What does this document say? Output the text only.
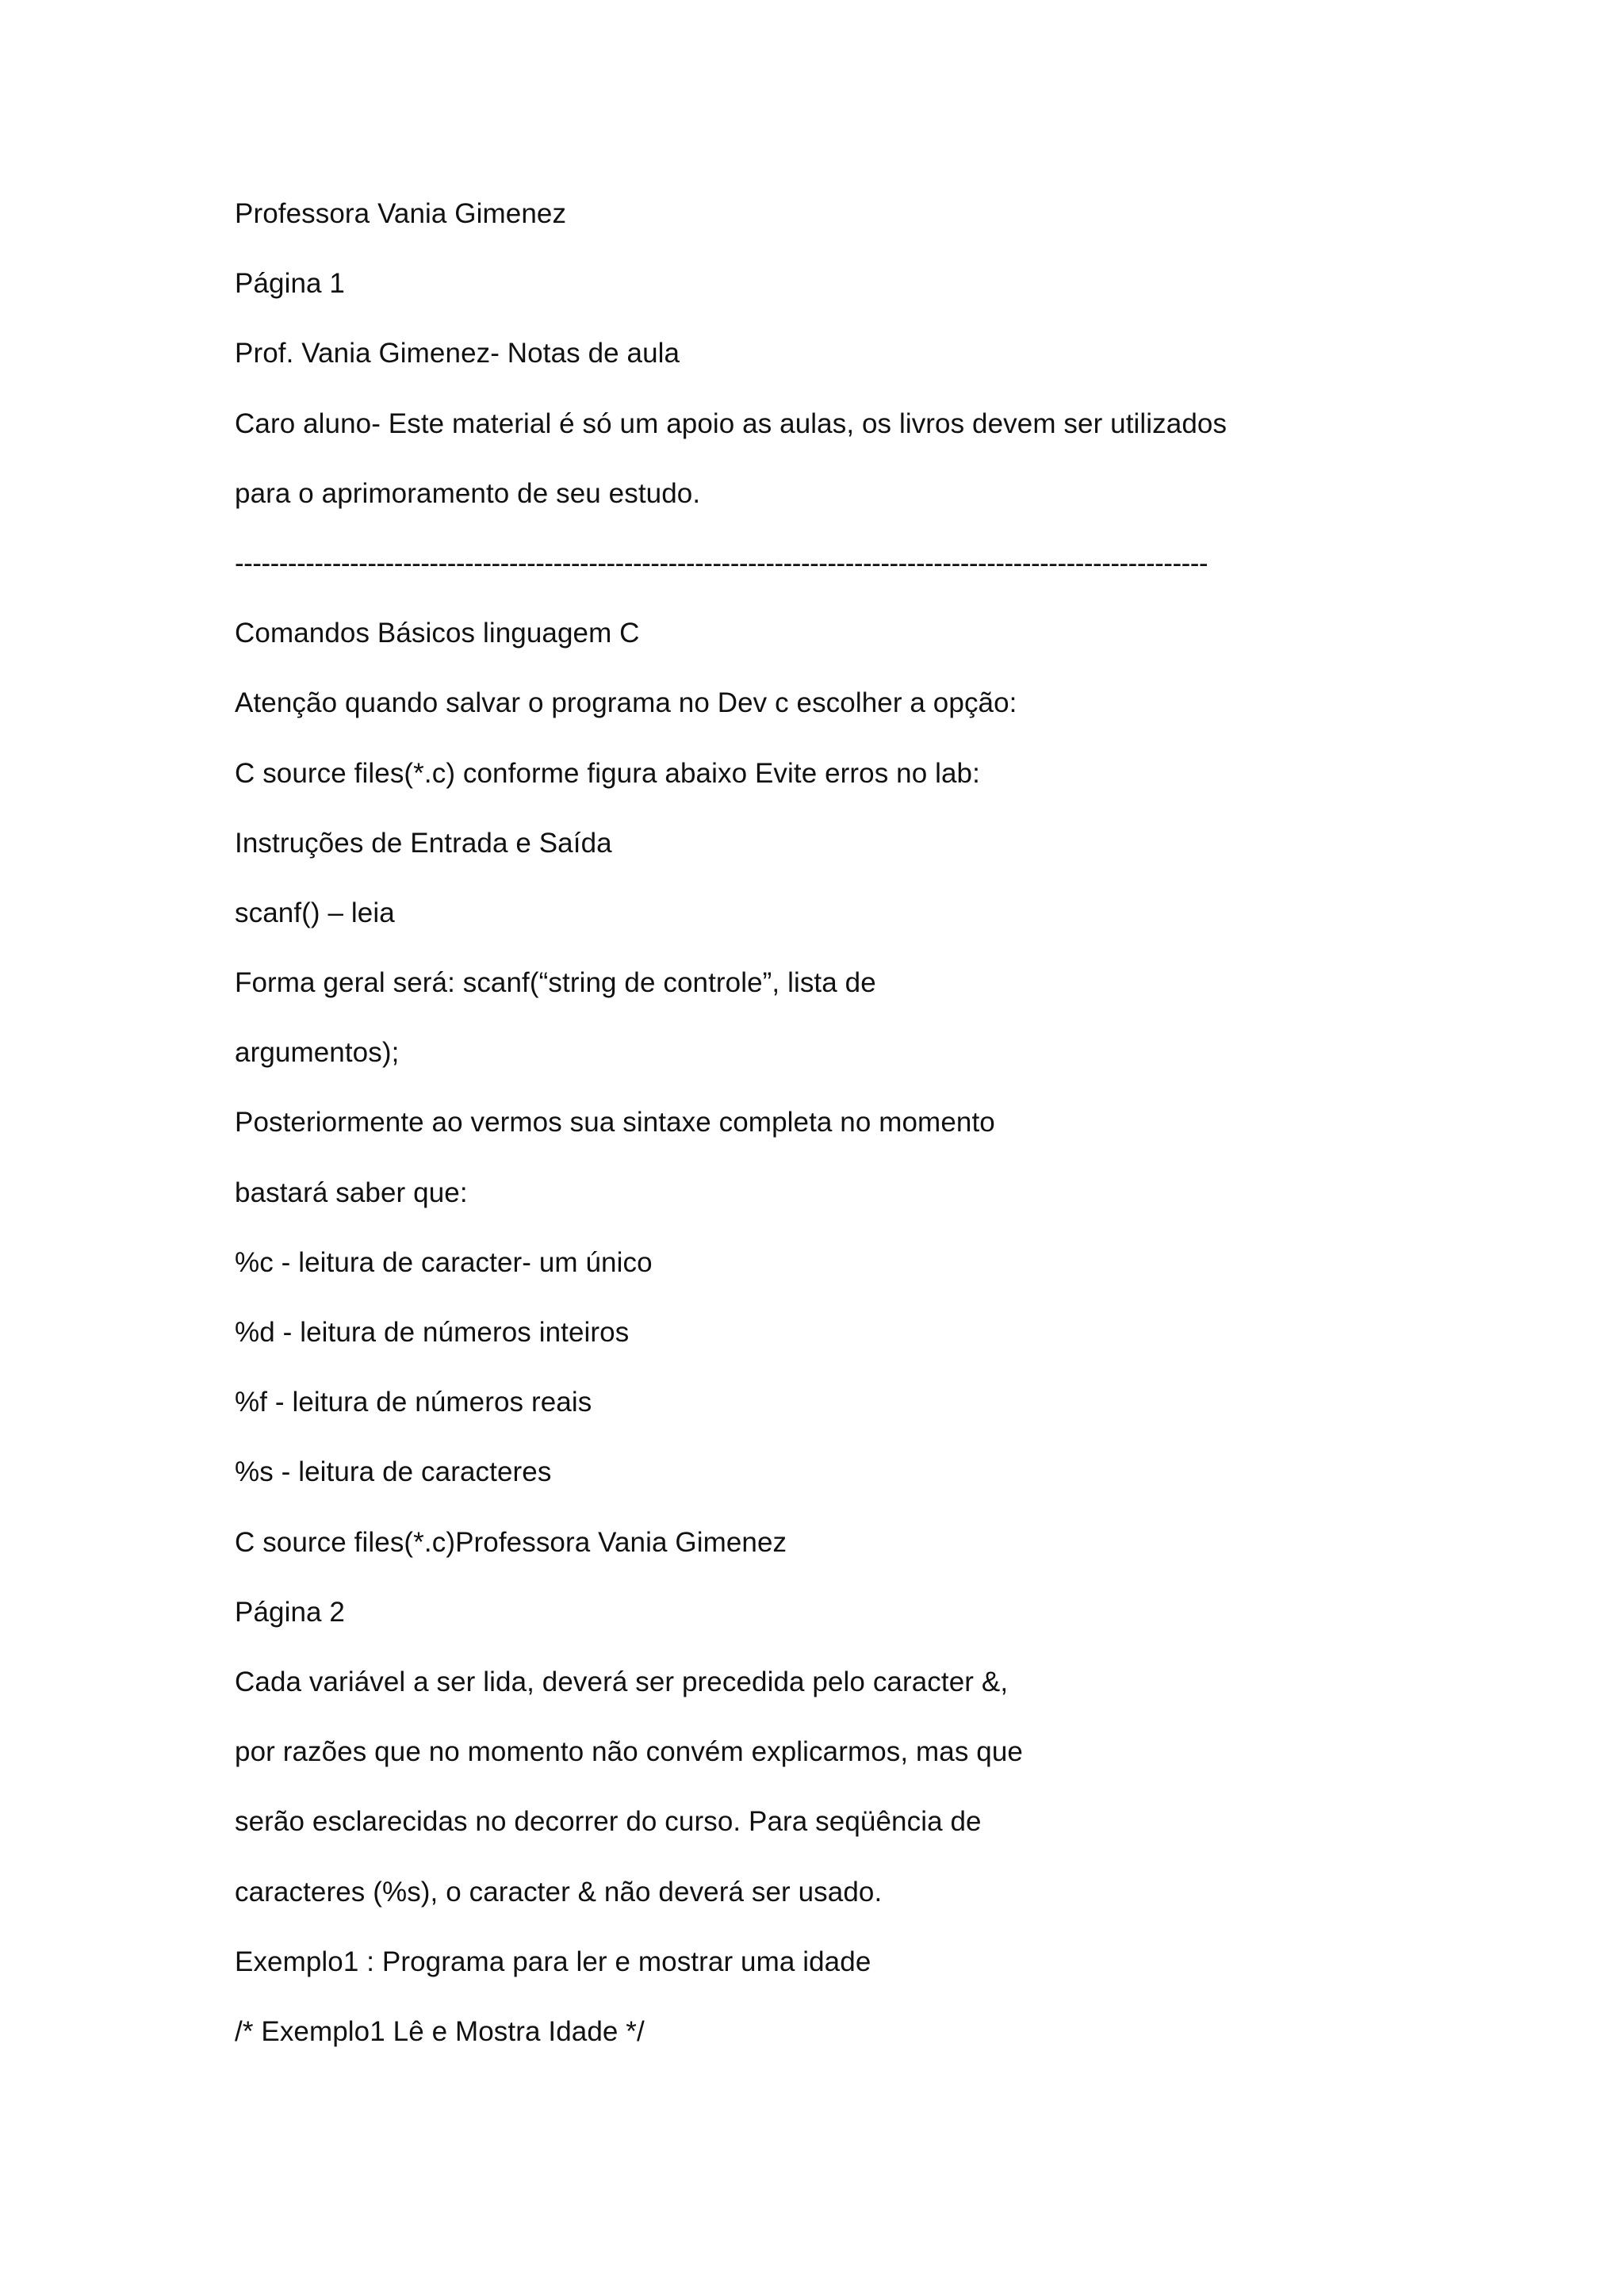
Professora Vania Gimenez
Página 1
Prof. Vania Gimenez- Notas de aula
Caro aluno- Este material é só um apoio as aulas, os livros devem ser utilizados
para o aprimoramento de seu estudo.
--------------------------------------------------------------------------------------------------------------
Comandos Básicos linguagem C
Atenção quando salvar o programa no Dev c escolher a opção:
C source files(*.c) conforme figura abaixo Evite erros no lab:
Instruções de Entrada e Saída
scanf() – leia
Forma geral será: scanf(“string de controle”, lista de
argumentos);
Posteriormente ao vermos sua sintaxe completa no momento
bastará saber que:
%c - leitura de caracter- um único
%d - leitura de números inteiros
%f - leitura de números reais
%s - leitura de caracteres
C source files(*.c)Professora Vania Gimenez
Página 2
Cada variável a ser lida, deverá ser precedida pelo caracter &,
por razões que no momento não convém explicarmos, mas que
serão esclarecidas no decorrer do curso. Para seqüência de
caracteres (%s), o caracter & não deverá ser usado.
Exemplo1 : Programa para ler e mostrar uma idade
/* Exemplo1 Lê e Mostra Idade */
